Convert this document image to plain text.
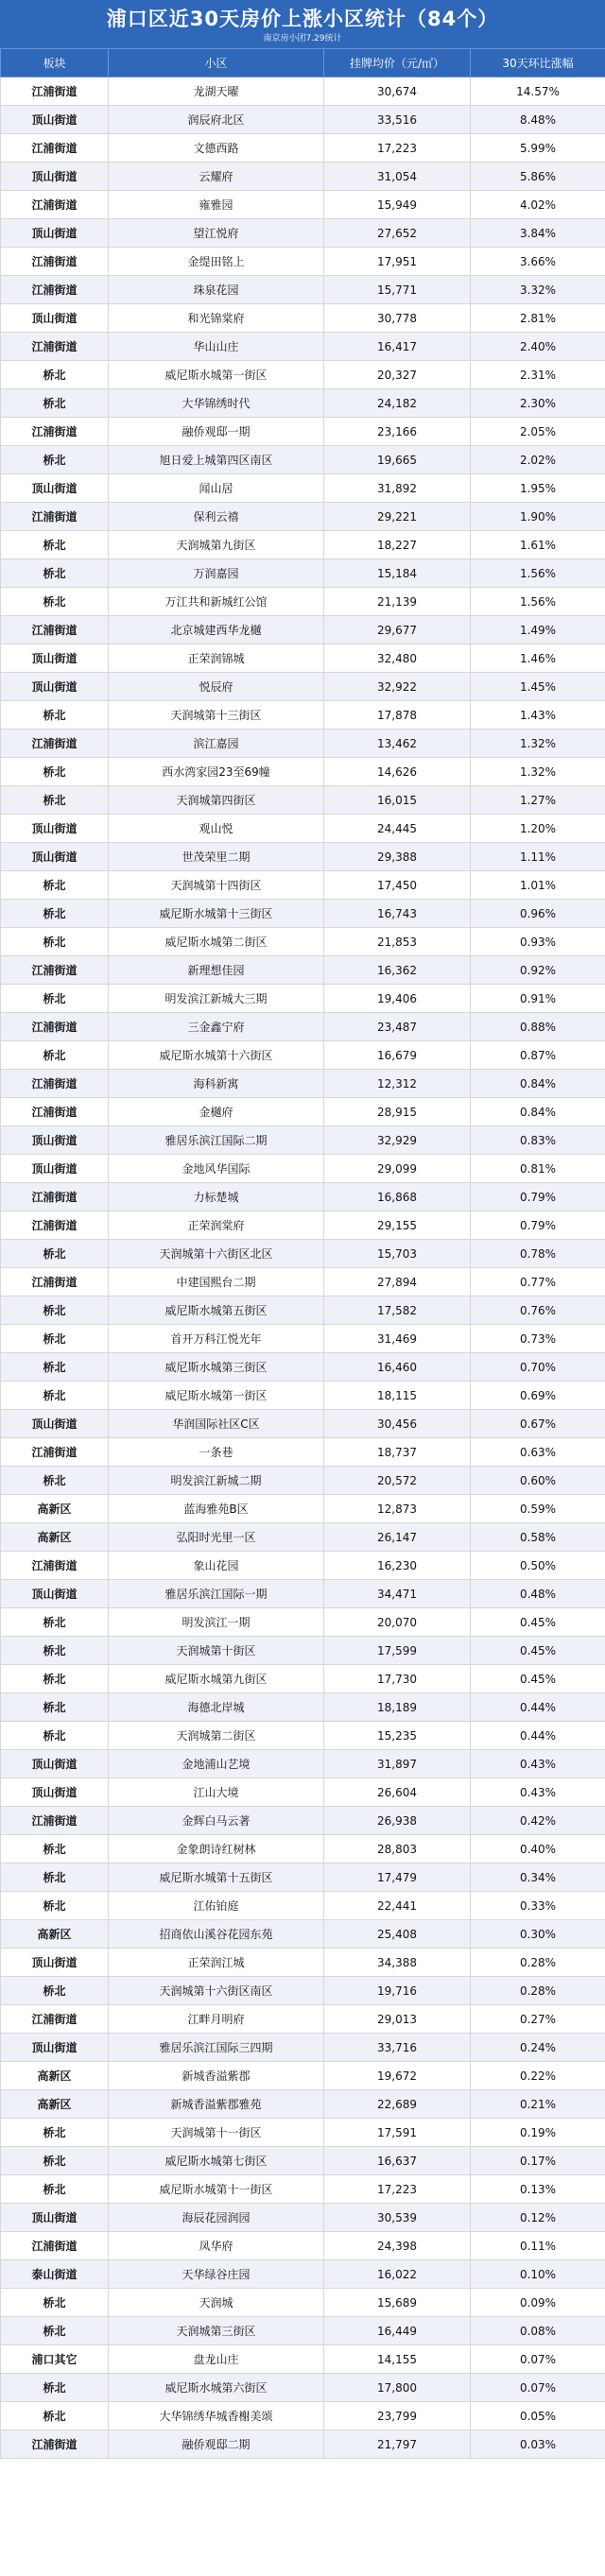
浦口区近30天房价上涨小区统计（84个）
南京房小团7.29统计
板块	小区	挂牌均价（元/㎡）	30天环比涨幅
江浦街道	龙湖天曜	30,674	14.57%
顶山街道	润辰府北区	33,516	8.48%
江浦街道	文德西路	17,223	5.99%
顶山街道	云耀府	31,054	5.86%
江浦街道	雍雅园	15,949	4.02%
顶山街道	望江悦府	27,652	3.84%
江浦街道	金缇田铭上	17,951	3.66%
江浦街道	珠泉花园	15,771	3.32%
顶山街道	和光锦棠府	30,778	2.81%
江浦街道	华山山庄	16,417	2.40%
桥北	威尼斯水城第一街区	20,327	2.31%
桥北	大华锦绣时代	24,182	2.30%
江浦街道	融侨观邸一期	23,166	2.05%
桥北	旭日爱上城第四区南区	19,665	2.02%
顶山街道	闻山居	31,892	1.95%
江浦街道	保利云禧	29,221	1.90%
桥北	天润城第九街区	18,227	1.61%
桥北	万润嘉园	15,184	1.56%
桥北	万江共和新城红公馆	21,139	1.56%
江浦街道	北京城建西华龙樾	29,677	1.49%
顶山街道	正荣润锦城	32,480	1.46%
顶山街道	悦辰府	32,922	1.45%
桥北	天润城第十三街区	17,878	1.43%
江浦街道	滨江嘉园	13,462	1.32%
桥北	西水湾家园23至69幢	14,626	1.32%
桥北	天润城第四街区	16,015	1.27%
顶山街道	观山悦	24,445	1.20%
顶山街道	世茂荣里二期	29,388	1.11%
桥北	天润城第十四街区	17,450	1.01%
桥北	威尼斯水城第十三街区	16,743	0.96%
桥北	威尼斯水城第二街区	21,853	0.93%
江浦街道	新理想佳园	16,362	0.92%
桥北	明发滨江新城大三期	19,406	0.91%
江浦街道	三金鑫宁府	23,487	0.88%
桥北	威尼斯水城第十六街区	16,679	0.87%
江浦街道	海科新寓	12,312	0.84%
江浦街道	金樾府	28,915	0.84%
顶山街道	雅居乐滨江国际二期	32,929	0.83%
顶山街道	金地风华国际	29,099	0.81%
江浦街道	力标楚城	16,868	0.79%
江浦街道	正荣润棠府	29,155	0.79%
桥北	天润城第十六街区北区	15,703	0.78%
江浦街道	中建国熙台二期	27,894	0.77%
桥北	威尼斯水城第五街区	17,582	0.76%
桥北	首开万科江悦光年	31,469	0.73%
桥北	威尼斯水城第三街区	16,460	0.70%
桥北	威尼斯水城第一街区	18,115	0.69%
顶山街道	华润国际社区C区	30,456	0.67%
江浦街道	一条巷	18,737	0.63%
桥北	明发滨江新城二期	20,572	0.60%
高新区	蓝海雅苑B区	12,873	0.59%
高新区	弘阳时光里一区	26,147	0.58%
江浦街道	象山花园	16,230	0.50%
顶山街道	雅居乐滨江国际一期	34,471	0.48%
桥北	明发滨江一期	20,070	0.45%
桥北	天润城第十街区	17,599	0.45%
桥北	威尼斯水城第九街区	17,730	0.45%
桥北	海德北岸城	18,189	0.44%
桥北	天润城第二街区	15,235	0.44%
顶山街道	金地浦山艺境	31,897	0.43%
顶山街道	江山大境	26,604	0.43%
江浦街道	金辉白马云著	26,938	0.42%
桥北	金象朗诗红树林	28,803	0.40%
桥北	威尼斯水城第十五街区	17,479	0.34%
桥北	江佑铂庭	22,441	0.33%
高新区	招商依山溪谷花园东苑	25,408	0.30%
顶山街道	正荣润江城	34,388	0.28%
桥北	天润城第十六街区南区	19,716	0.28%
江浦街道	江畔月明府	29,013	0.27%
顶山街道	雅居乐滨江国际三四期	33,716	0.24%
高新区	新城香溢紫郡	19,672	0.22%
高新区	新城香溢紫郡雅苑	22,689	0.21%
桥北	天润城第十一街区	17,591	0.19%
桥北	威尼斯水城第七街区	16,637	0.17%
桥北	威尼斯水城第十一街区	17,223	0.13%
顶山街道	海辰花园润园	30,539	0.12%
江浦街道	凤华府	24,398	0.11%
泰山街道	天华绿谷庄园	16,022	0.10%
桥北	天润城	15,689	0.09%
桥北	天润城第三街区	16,449	0.08%
浦口其它	盘龙山庄	14,155	0.07%
桥北	威尼斯水城第六街区	17,800	0.07%
桥北	大华锦绣华城香榭美颂	23,799	0.05%
江浦街道	融侨观邸二期	21,797	0.03%
